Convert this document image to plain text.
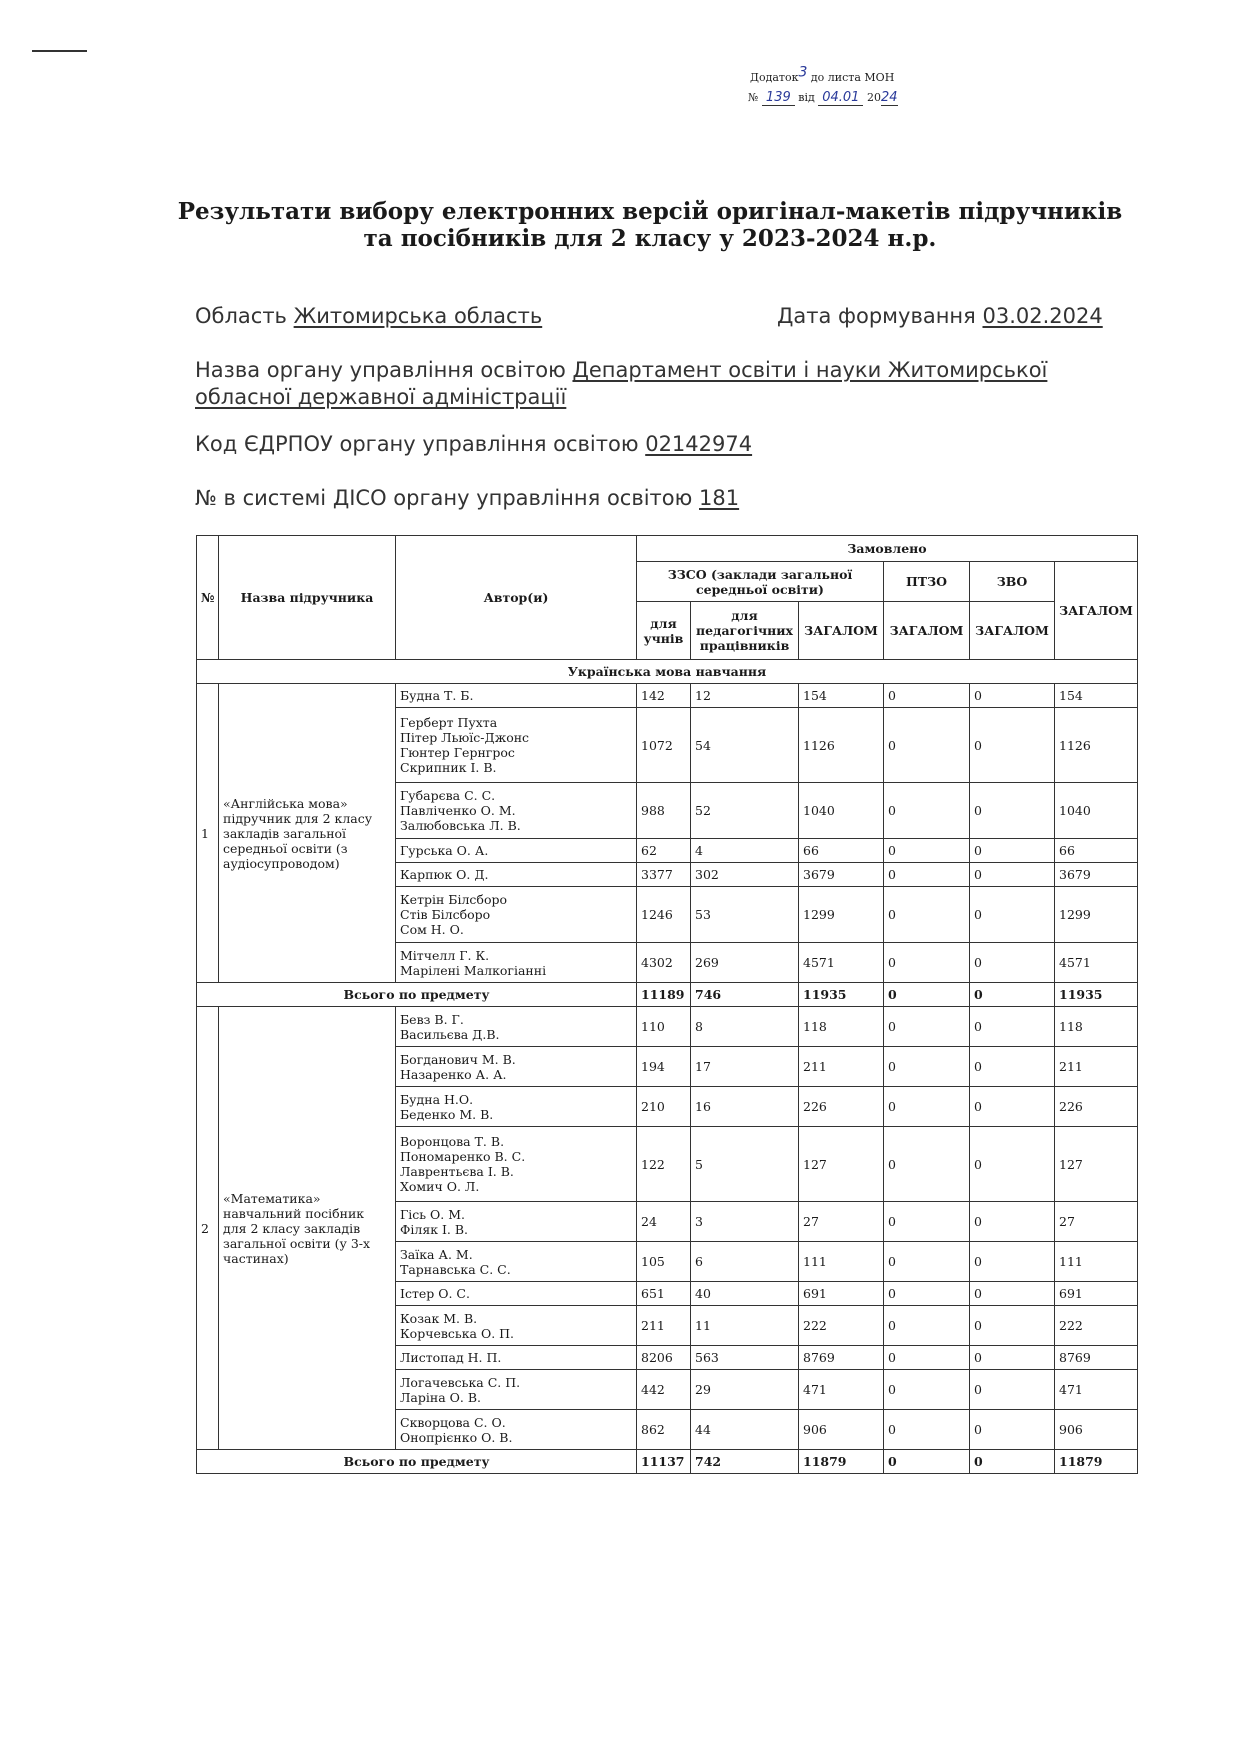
Додаток3 до листа МОН
№ 139 від 04.01 2024
Результати вибору електронних версій оригінал-макетів підручників та посібників для 2 класу у 2023-2024 н.р.
Область Житомирська область	Дата формування 03.02.2024
Назва органу управління освітою Департамент освіти і науки Житомирської обласної державної адміністрації
Код ЄДРПОУ органу управління освітою 02142974
№ в системі ДІСО органу управління освітою 181
№	Назва підручника	Автор(и)	Замовлено					
			ЗЗСО (заклади загальної середньої освіти)			ПТЗО	ЗВО	ЗАГАЛОМ
			для учнів	для педагогічних працівників	ЗАГАЛОМ	ЗАГАЛОМ	ЗАГАЛОМ	
Українська мова навчання								
1	«Англійська мова» підручник для 2 класу закладів загальної середньої освіти (з аудіосупроводом)	Будна Т. Б.	142	12	154	0	0	154
		Герберт Пухта
Пітер Льюїс-Джонс
Гюнтер Гернгрос
Скрипник І. В.	1072	54	1126	0	0	1126
		Губарєва С. С.
Павліченко О. М.
Залюбовська Л. В.	988	52	1040	0	0	1040
		Гурська О. А.	62	4	66	0	0	66
		Карпюк О. Д.	3377	302	3679	0	0	3679
		Кетрін Білсборо
Стів Білсборо
Сом Н. О.	1246	53	1299	0	0	1299
		Мітчелл Г. К.
Марілені Малкогіанні	4302	269	4571	0	0	4571
Всього по предмету			11189	746	11935	0	0	11935
2	«Математика» навчальний посібник для 2 класу закладів загальної освіти (у 3-х частинах)	Бевз В. Г.
Васильєва Д.В.	110	8	118	0	0	118
		Богданович М. В.
Назаренко А. А.	194	17	211	0	0	211
		Будна Н.О.
Беденко М. В.	210	16	226	0	0	226
		Воронцова Т. В.
Пономаренко В. С.
Лаврентьєва І. В.
Хомич О. Л.	122	5	127	0	0	127
		Гісь О. М.
Філяк І. В.	24	3	27	0	0	27
		Заїка А. М.
Тарнавська С. С.	105	6	111	0	0	111
		Істер О. С.	651	40	691	0	0	691
		Козак М. В.
Корчевська О. П.	211	11	222	0	0	222
		Листопад Н. П.	8206	563	8769	0	0	8769
		Логачевська С. П.
Ларіна О. В.	442	29	471	0	0	471
		Скворцова С. О.
Онопрієнко О. В.	862	44	906	0	0	906
Всього по предмету			11137	742	11879	0	0	11879
